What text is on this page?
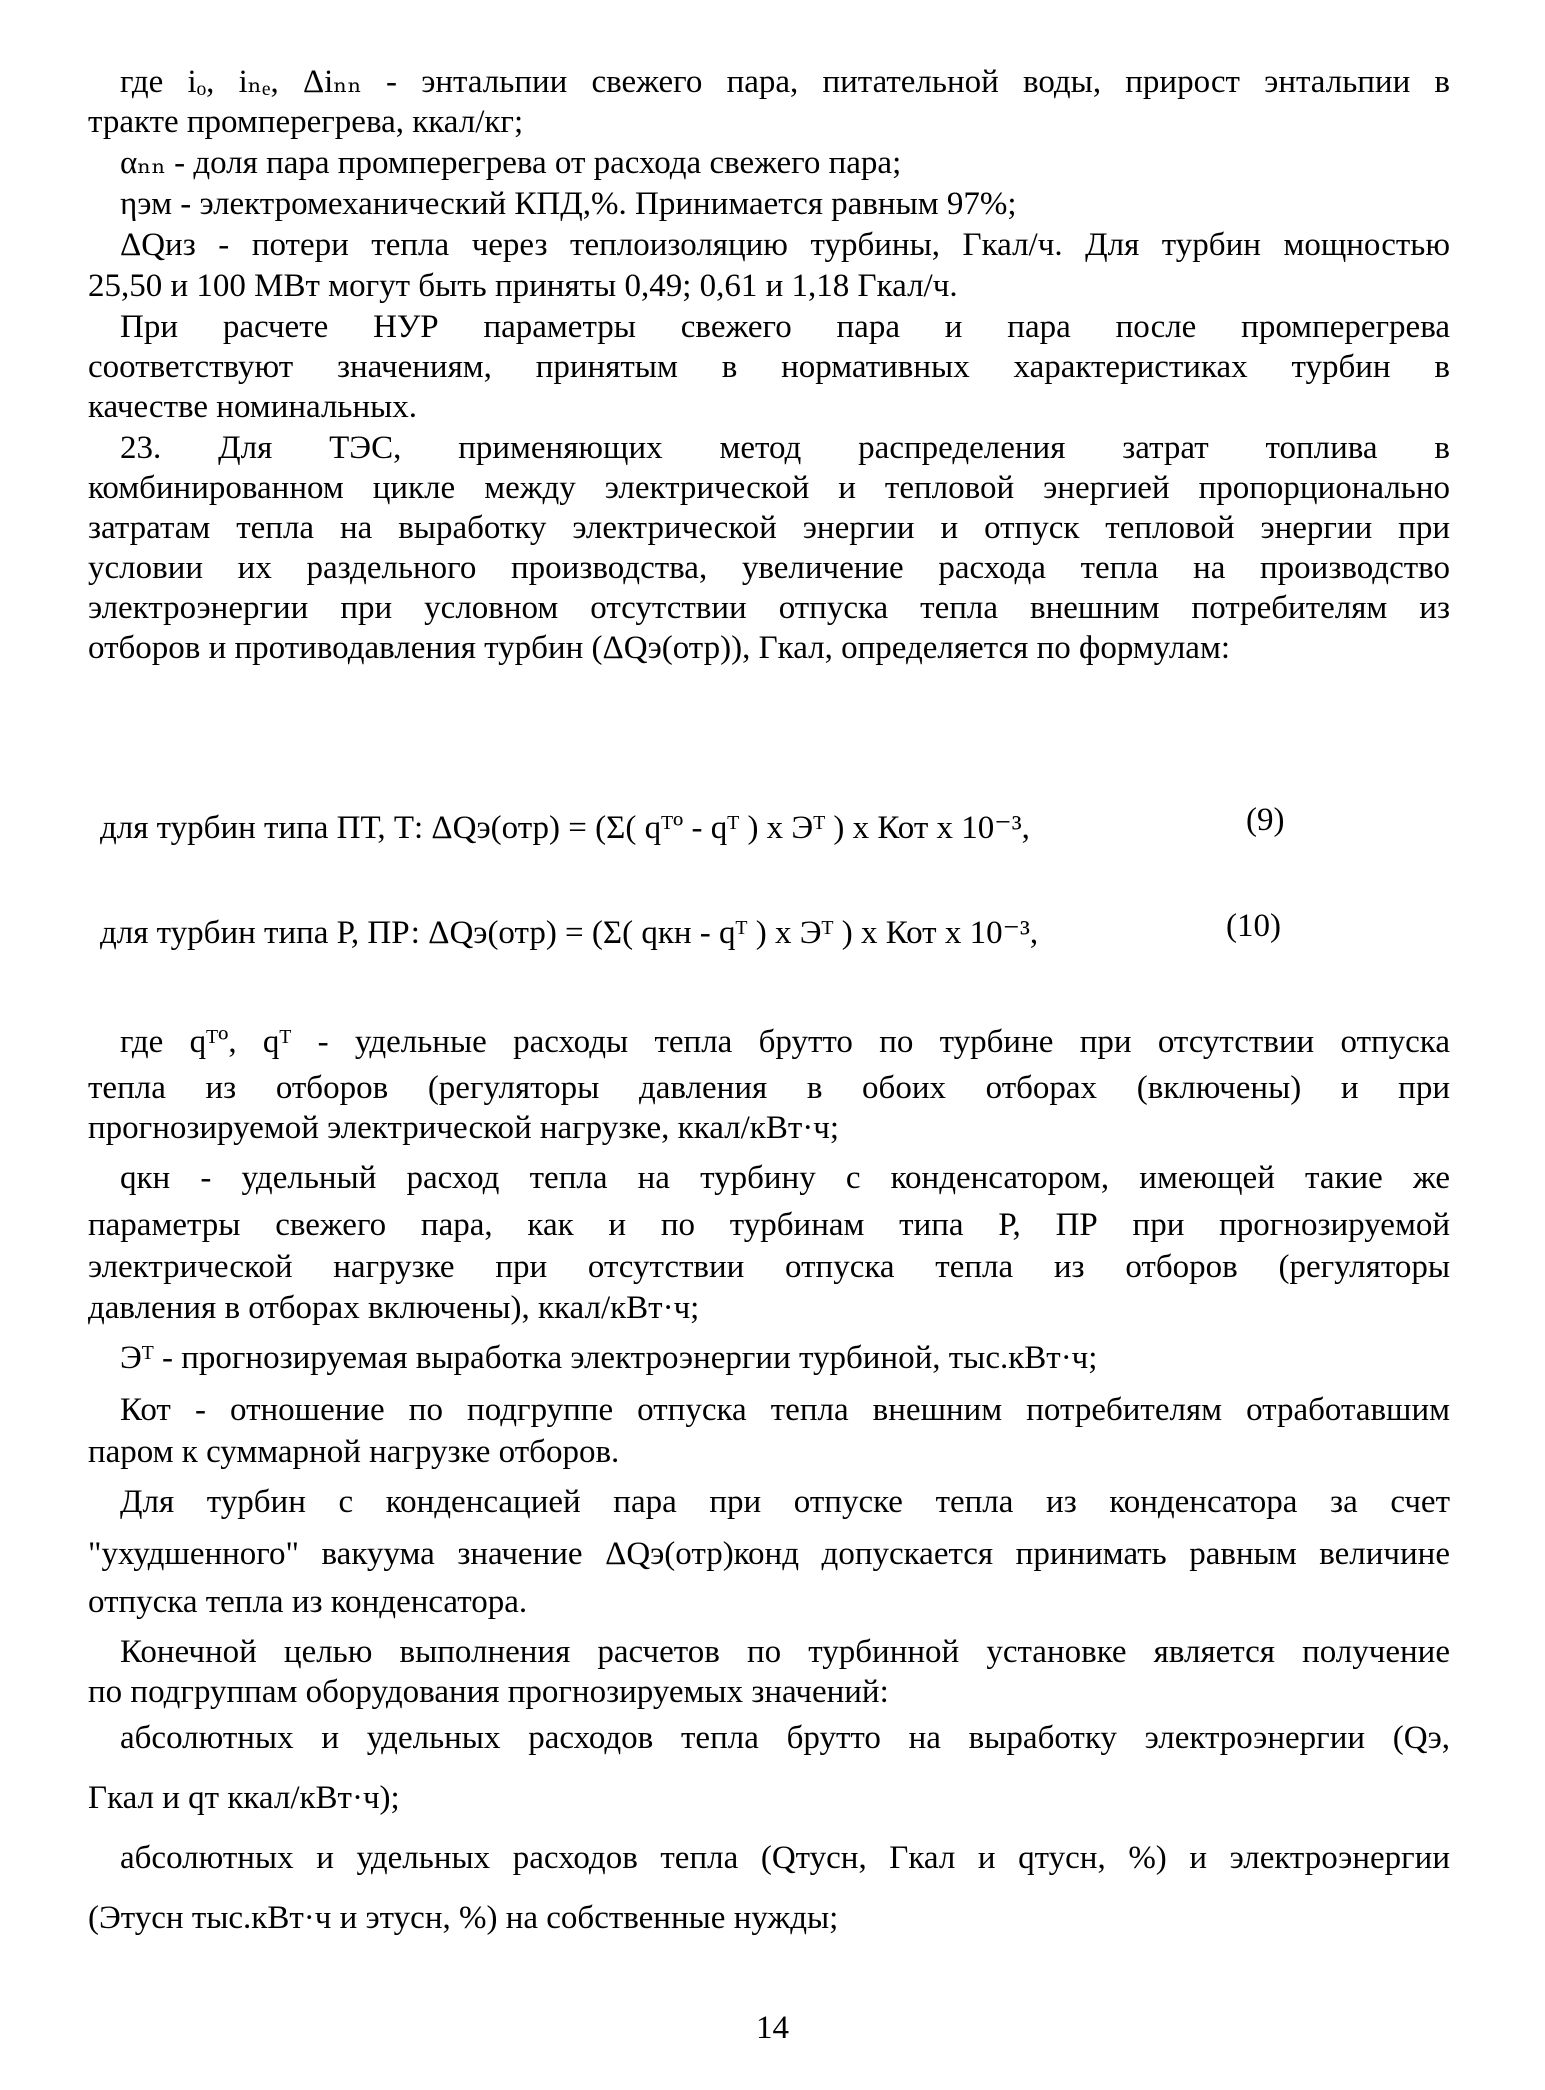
где iₒ, iₙₑ, Δiₙₙ - энтальпии свежего пара, питательной воды, прирост энтальпии в
тракте промперегрева, ккал/кг;
αₙₙ - доля пара промперегрева от расхода свежего пара;
ηэм - электромеханический КПД,%. Принимается равным 97%;
ΔQиз - потери тепла через теплоизоляцию турбины, Гкал/ч. Для турбин мощностью
25,50 и 100 МВт могут быть приняты 0,49; 0,61 и 1,18 Гкал/ч.
При расчете НУР параметры свежего пара и пара после промперегрева
соответствуют значениям, принятым в нормативных характеристиках турбин в
качестве номинальных.
23. Для ТЭС, применяющих метод распределения затрат топлива в
комбинированном цикле между электрической и тепловой энергией пропорционально
затратам тепла на выработку электрической энергии и отпуск тепловой энергии при
условии их раздельного производства, увеличение расхода тепла на производство
электроэнергии при условном отсутствии отпуска тепла внешним потребителям из
отборов и противодавления турбин (ΔQэ(отр)), Гкал, определяется по формулам:
для турбин типа ПТ, Т: ΔQэ(отр) = (Σ( qᵀº - qᵀ ) x Эᵀ ) x Кот x 10⁻³,	(9)
для турбин типа Р, ПР: ΔQэ(отр) = (Σ( qкн - qᵀ ) x Эᵀ ) x Кот x 10⁻³,	(10)
где qᵀº, qᵀ - удельные расходы тепла брутто по турбине при отсутствии отпуска
тепла из отборов (регуляторы давления в обоих отборах (включены) и при
прогнозируемой электрической нагрузке, ккал/кВт·ч;
qкн - удельный расход тепла на турбину с конденсатором, имеющей такие же
параметры свежего пара, как и по турбинам типа Р, ПР при прогнозируемой
электрической нагрузке при отсутствии отпуска тепла из отборов (регуляторы
давления в отборах включены), ккал/кВт·ч;
Эᵀ - прогнозируемая выработка электроэнергии турбиной, тыс.кВт·ч;
Кот - отношение по подгруппе отпуска тепла внешним потребителям отработавшим
паром к суммарной нагрузке отборов.
Для турбин с конденсацией пара при отпуске тепла из конденсатора за счет
"ухудшенного" вакуума значение ΔQэ(отр)конд допускается принимать равным величине
отпуска тепла из конденсатора.
Конечной целью выполнения расчетов по турбинной установке является получение
по подгруппам оборудования прогнозируемых значений:
абсолютных и удельных расходов тепла брутто на выработку электроэнергии (Qэ,
Гкал и qт ккал/кВт·ч);
абсолютных и удельных расходов тепла (Qтусн, Гкал и qтусн, %) и электроэнергии
(Этусн тыс.кВт·ч и этусн, %) на собственные нужды;
14
